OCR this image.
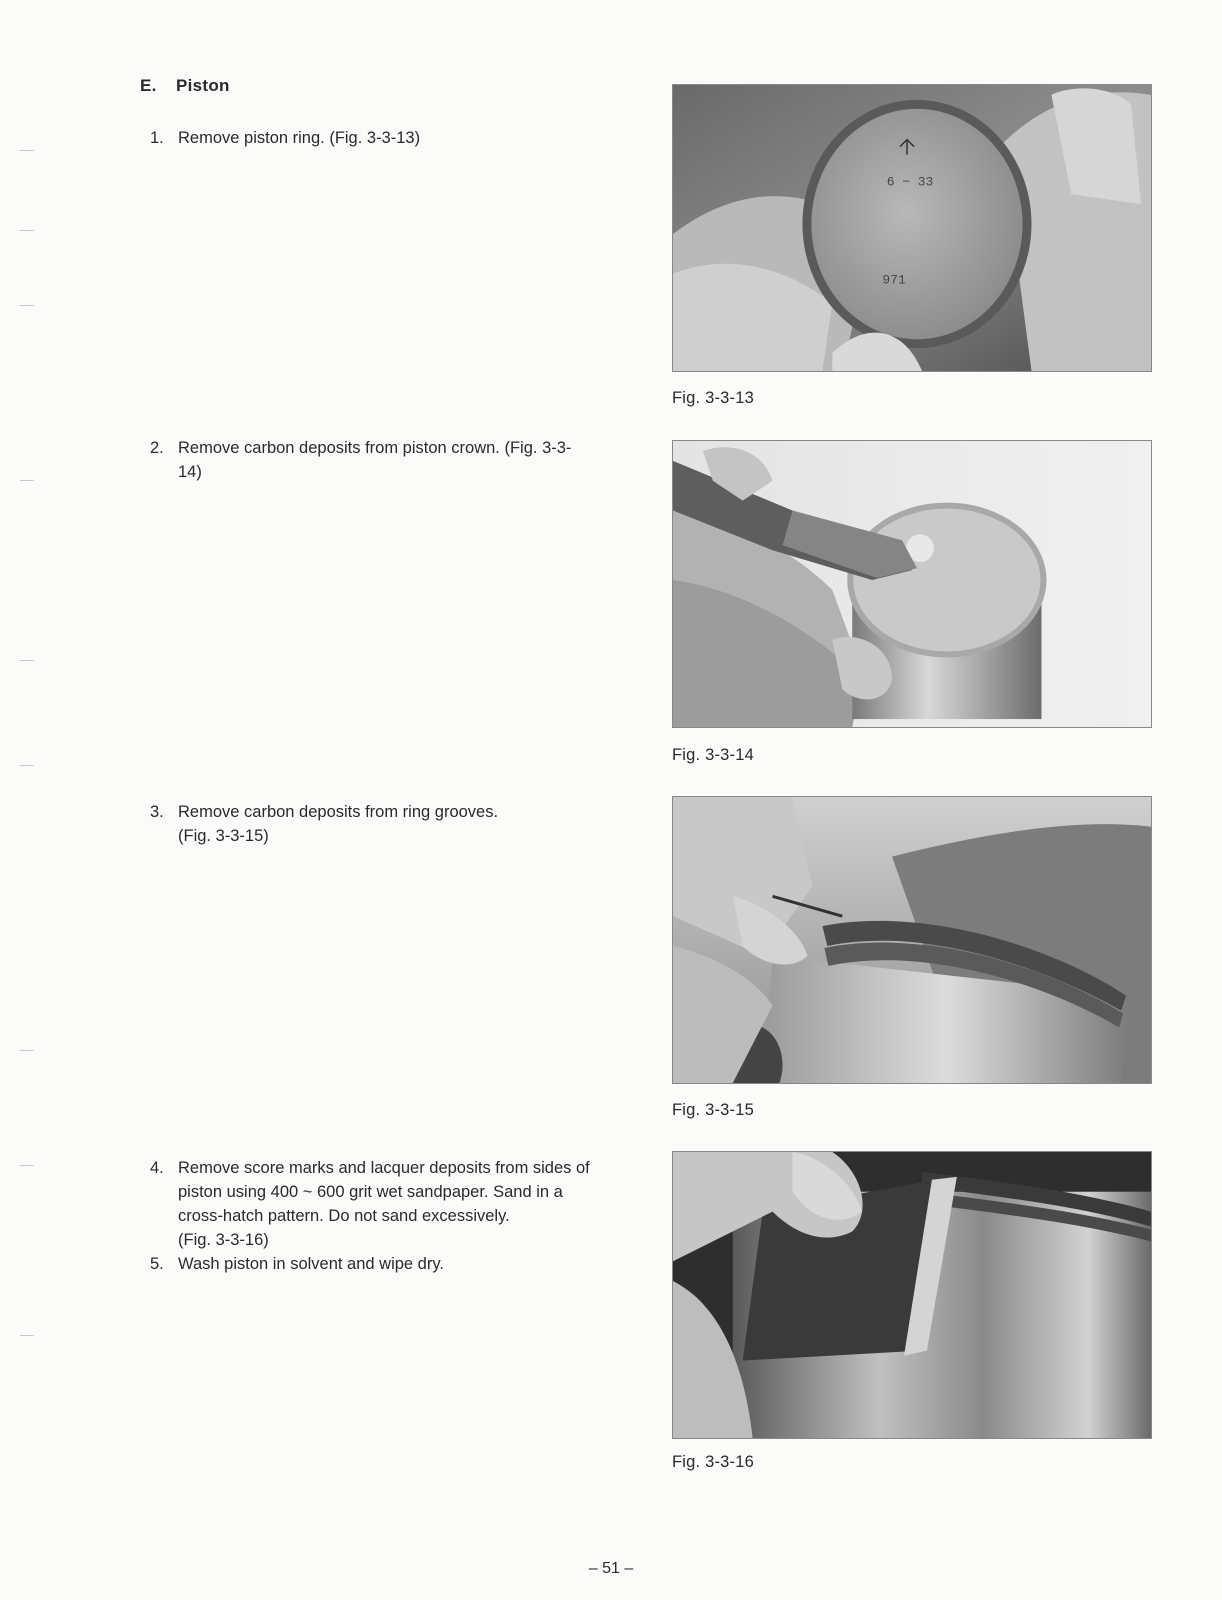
E. Piston
1. Remove piston ring. (Fig. 3-3-13)
2. Remove carbon deposits from piston crown. (Fig. 3-3-
14)
3. Remove carbon deposits from ring grooves.
(Fig. 3-3-15)
4. Remove score marks and lacquer deposits from sides of
piston using 400 ~ 600 grit wet sandpaper. Sand in a
cross-hatch pattern. Do not sand excessively.
(Fig. 3-3-16)
5. Wash piston in solvent and wipe dry.
6 − 33
971

Fig. 3-3-13

Fig. 3-3-14

Fig. 3-3-15

Fig. 3-3-16

– 51 –
